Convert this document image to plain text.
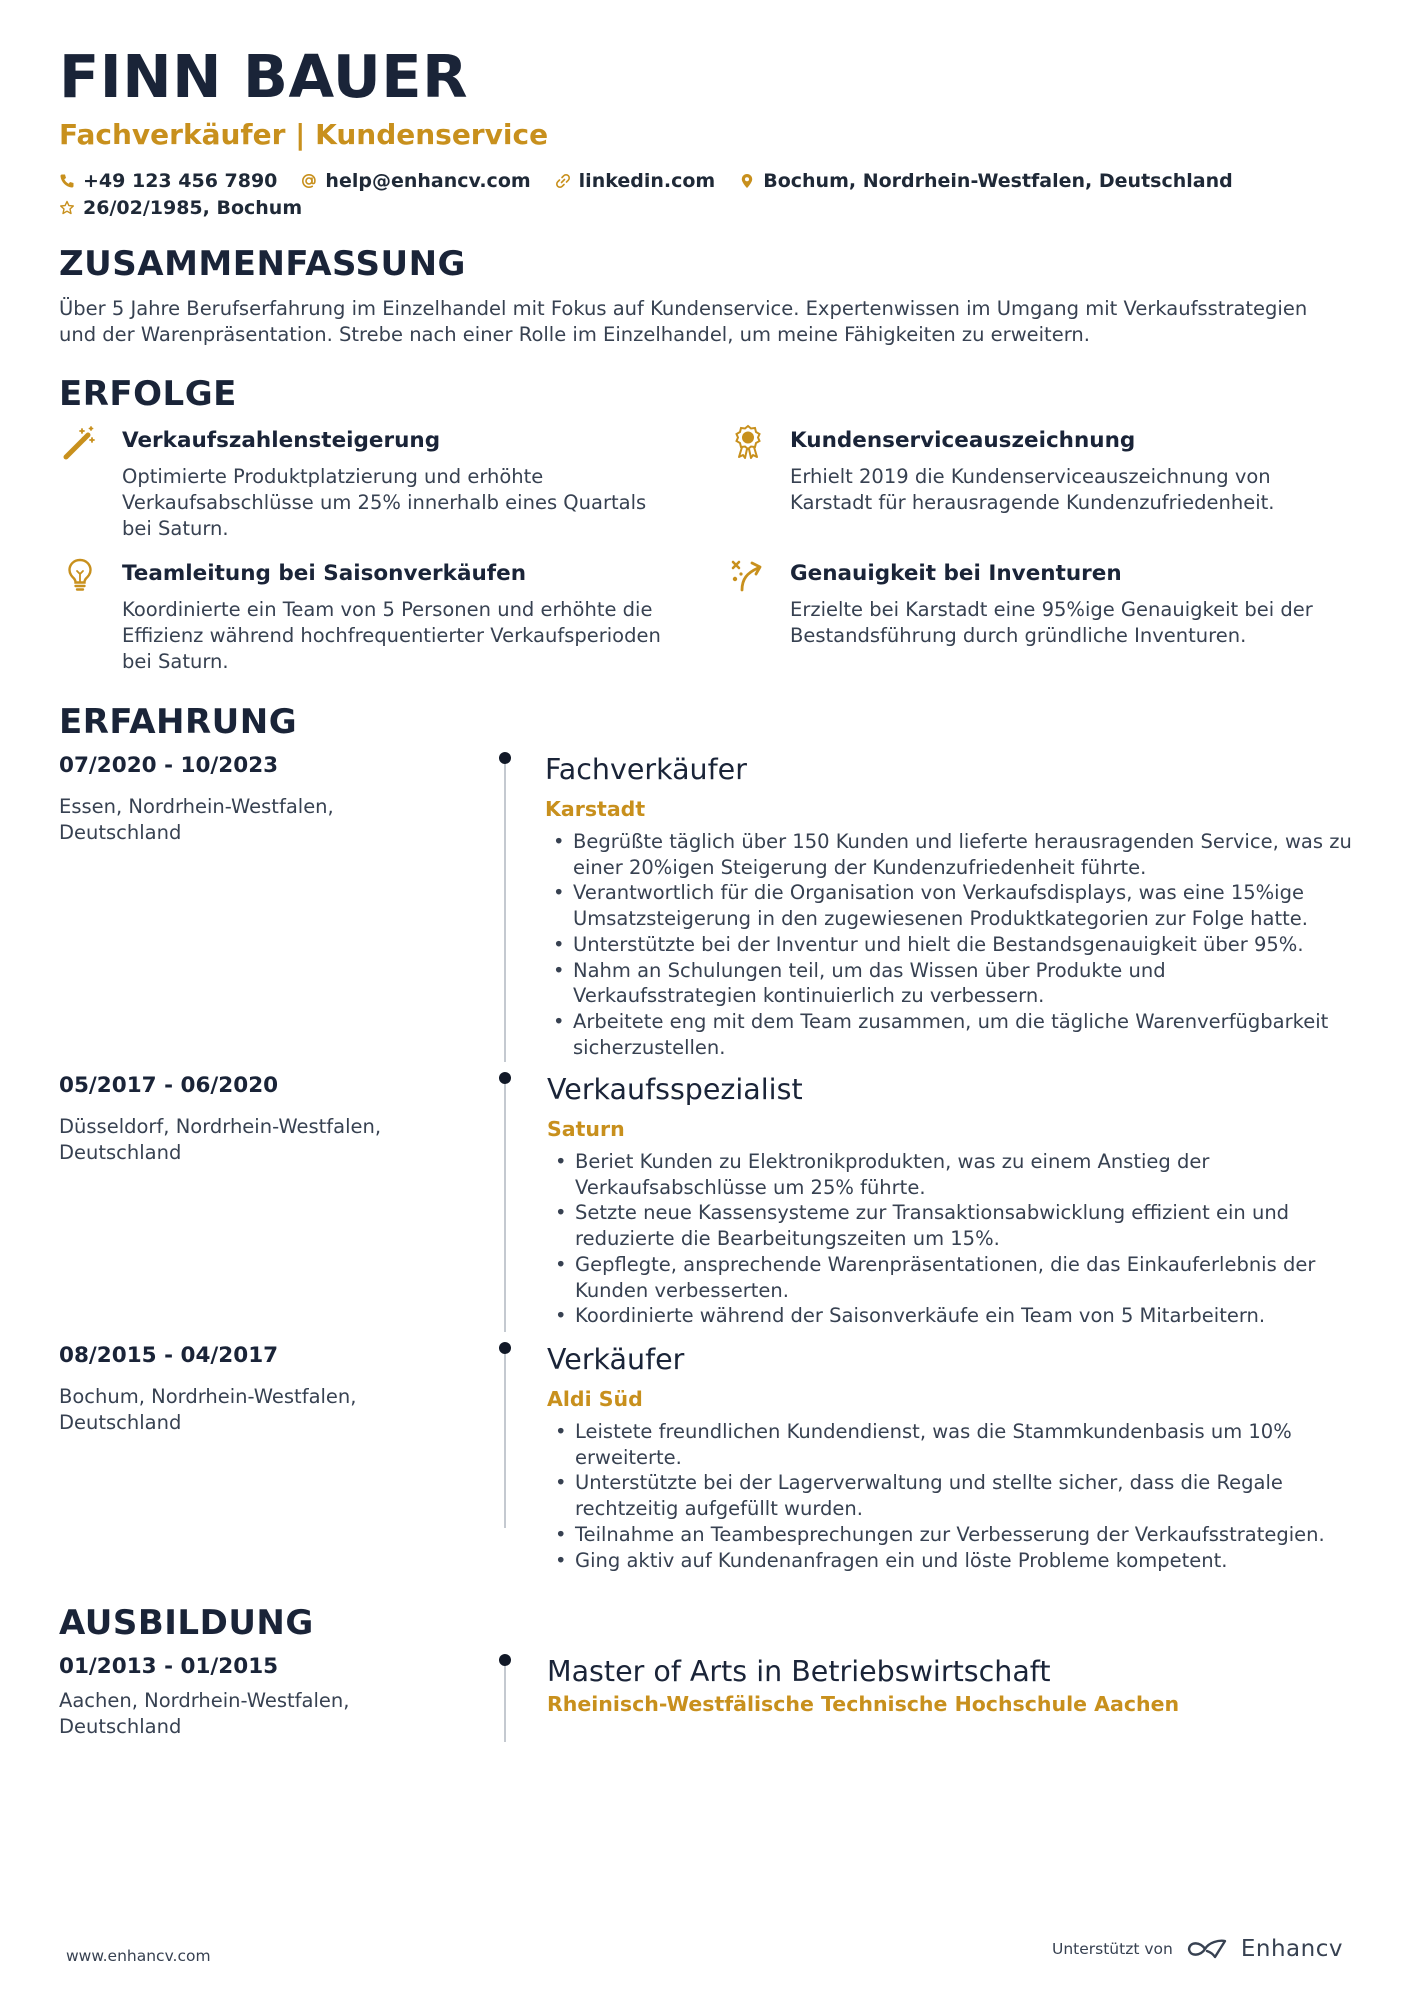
FINN BAUER
Fachverkäufer | Kundenservice
+49 123 456 7890	help@enhancv.com	linkedin.com	Bochum, Nordrhein-Westfalen, Deutschland
26/02/1985, Bochum
ZUSAMMENFASSUNG
Über 5 Jahre Berufserfahrung im Einzelhandel mit Fokus auf Kundenservice. Expertenwissen im Umgang mit Verkaufsstrategien und der Warenpräsentation. Strebe nach einer Rolle im Einzelhandel, um meine Fähigkeiten zu erweitern.
ERFOLGE
Verkaufszahlensteigerung
Optimierte Produktplatzierung und erhöhte Verkaufsabschlüsse um 25% innerhalb eines Quartals bei Saturn.
Kundenserviceauszeichnung
Erhielt 2019 die Kundenserviceauszeichnung von Karstadt für herausragende Kundenzufriedenheit.
Teamleitung bei Saisonverkäufen
Koordinierte ein Team von 5 Personen und erhöhte die Effizienz während hochfrequentierter Verkaufsperioden bei Saturn.
Genauigkeit bei Inventuren
Erzielte bei Karstadt eine 95%ige Genauigkeit bei der Bestandsführung durch gründliche Inventuren.
ERFAHRUNG
07/2020 - 10/2023
Essen, Nordrhein-Westfalen, Deutschland
Fachverkäufer
Karstadt
• Begrüßte täglich über 150 Kunden und lieferte herausragenden Service, was zu einer 20%igen Steigerung der Kundenzufriedenheit führte.
• Verantwortlich für die Organisation von Verkaufsdisplays, was eine 15%ige Umsatzsteigerung in den zugewiesenen Produktkategorien zur Folge hatte.
• Unterstützte bei der Inventur und hielt die Bestandsgenauigkeit über 95%.
• Nahm an Schulungen teil, um das Wissen über Produkte und Verkaufsstrategien kontinuierlich zu verbessern.
• Arbeitete eng mit dem Team zusammen, um die tägliche Warenverfügbarkeit sicherzustellen.
05/2017 - 06/2020
Düsseldorf, Nordrhein-Westfalen, Deutschland
Verkaufsspezialist
Saturn
• Beriet Kunden zu Elektronikprodukten, was zu einem Anstieg der Verkaufsabschlüsse um 25% führte.
• Setzte neue Kassensysteme zur Transaktionsabwicklung effizient ein und reduzierte die Bearbeitungszeiten um 15%.
• Gepflegte, ansprechende Warenpräsentationen, die das Einkauferlebnis der Kunden verbesserten.
• Koordinierte während der Saisonverkäufe ein Team von 5 Mitarbeitern.
08/2015 - 04/2017
Bochum, Nordrhein-Westfalen, Deutschland
Verkäufer
Aldi Süd
• Leistete freundlichen Kundendienst, was die Stammkundenbasis um 10% erweiterte.
• Unterstützte bei der Lagerverwaltung und stellte sicher, dass die Regale rechtzeitig aufgefüllt wurden.
• Teilnahme an Teambesprechungen zur Verbesserung der Verkaufsstrategien.
• Ging aktiv auf Kundenanfragen ein und löste Probleme kompetent.
AUSBILDUNG
01/2013 - 01/2015
Aachen, Nordrhein-Westfalen, Deutschland
Master of Arts in Betriebswirtschaft
Rheinisch-Westfälische Technische Hochschule Aachen
www.enhancv.com	Unterstützt von	Enhancv
